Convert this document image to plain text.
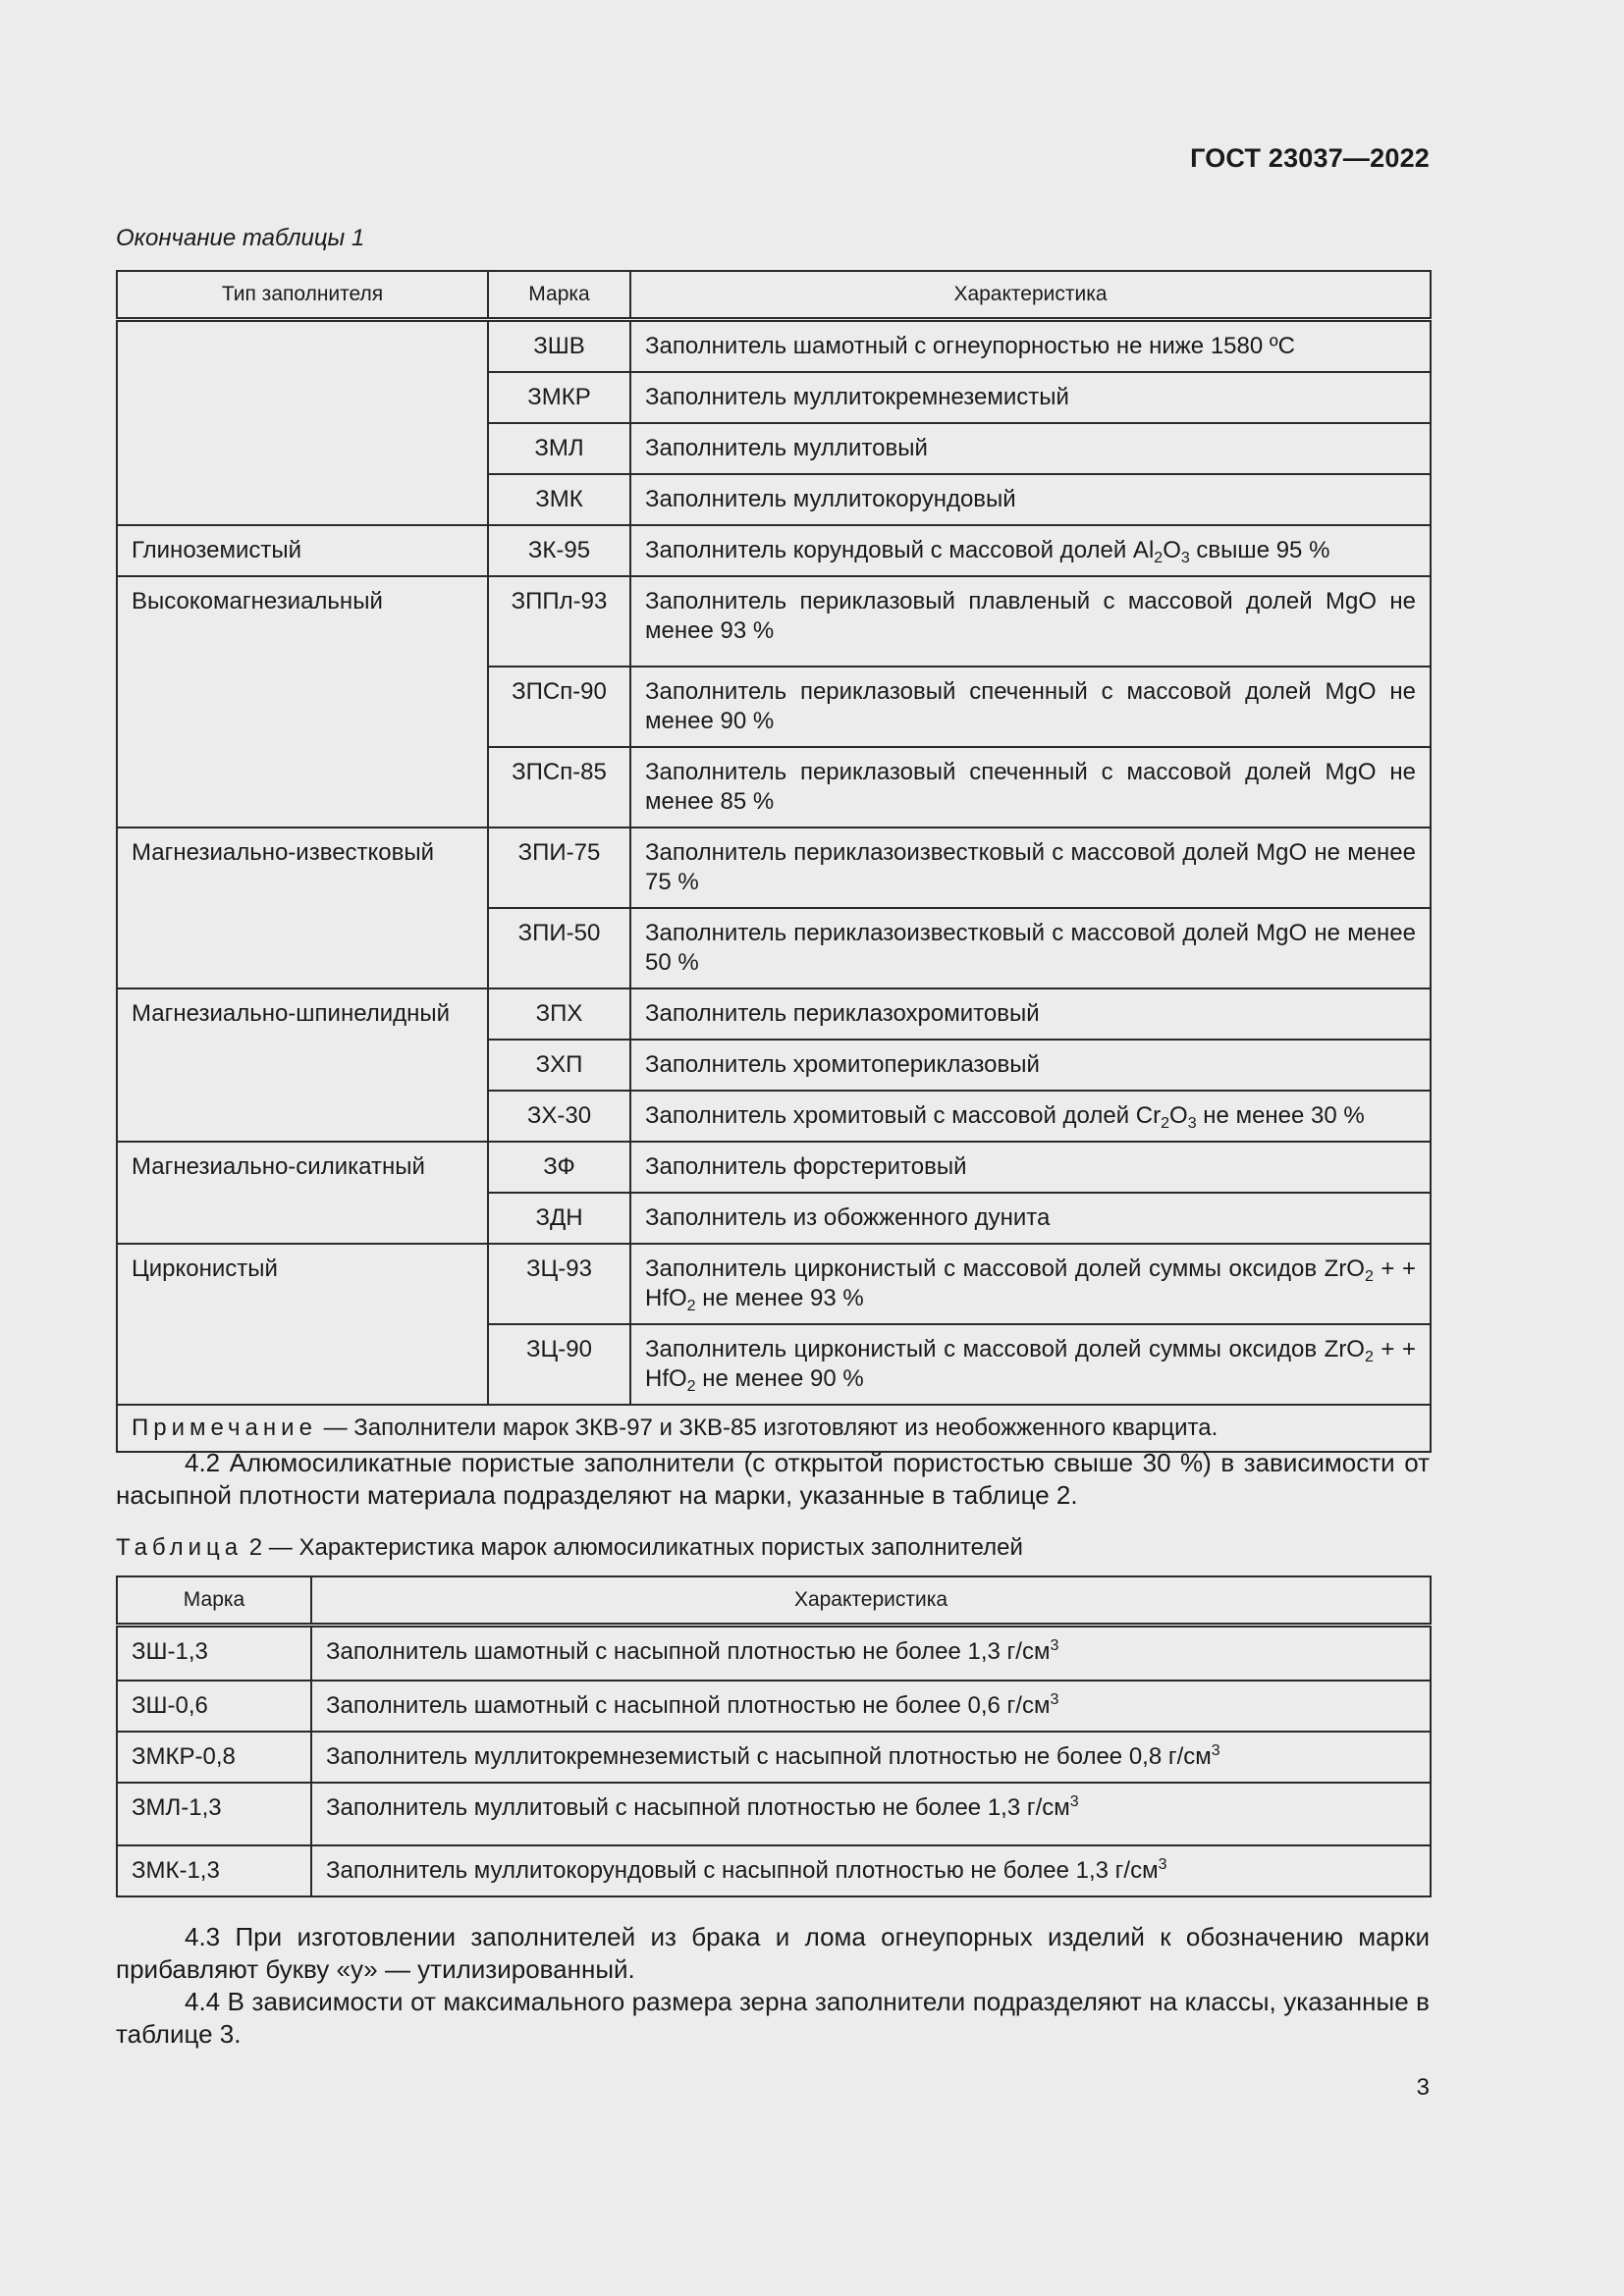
ГОСТ 23037—2022
Окончание таблицы 1
Тип заполнителя	Марка	Характеристика
	ЗШВ	Заполнитель шамотный с огнеупорностью не ниже 1580 ºС
	ЗМКР	Заполнитель муллитокремнеземистый
	ЗМЛ	Заполнитель муллитовый
	ЗМК	Заполнитель муллитокорундовый
Глиноземистый	ЗК-95	Заполнитель корундовый с массовой долей $Al_2O_3$ свыше 95 %
Высокомагнезиальный	ЗППл-93	Заполнитель периклазовый плавленый с массовой долей MgO не менее 93 %
	ЗПСп-90	Заполнитель периклазовый спеченный с массовой долей MgO не менее 90 %
	ЗПСп-85	Заполнитель периклазовый спеченный с массовой долей MgO не менее 85 %
Магнезиально-известковый	ЗПИ-75	Заполнитель периклазоизвестковый с массовой долей MgO не менее 75 %
	ЗПИ-50	Заполнитель периклазоизвестковый с массовой долей MgO не менее 50 %
Магнезиально-шпинелидный	ЗПХ	Заполнитель периклазохромитовый
	ЗХП	Заполнитель хромитопериклазовый
	ЗХ-30	Заполнитель хромитовый с массовой долей $Cr_2O_3$ не менее 30 %
Магнезиально-силикатный	ЗФ	Заполнитель форстеритовый
	ЗДН	Заполнитель из обожженного дунита
Цирконистый	ЗЦ-93	Заполнитель цирконистый с массовой долей суммы оксидов ZrO$_2$ + + HfO$_2$ не менее 93 %
	ЗЦ-90	Заполнитель цирконистый с массовой долей суммы оксидов ZrO$_2$ + + HfO$_2$ не менее 90 %
Примечание — Заполнители марок ЗКВ-97 и ЗКВ-85 изготовляют из необожженного кварцита.		

4.2 Алюмосиликатные пористые заполнители (с открытой пористостью свыше 30 %) в зависимости от насыпной плотности материала подразделяют на марки, указанные в таблице 2.

Таблица 2 — Характеристика марок алюмосиликатных пористых заполнителей
Марка	Характеристика
ЗШ-1,3	Заполнитель шамотный с насыпной плотностью не более 1,3 $г/см^3$
ЗШ-0,6	Заполнитель шамотный с насыпной плотностью не более 0,6 $г/см^3$
ЗМКР-0,8	Заполнитель муллитокремнеземистый с насыпной плотностью не более 0,8 $г/см^3$
ЗМЛ-1,3	Заполнитель муллитовый с насыпной плотностью не более 1,3 $г/см^3$
ЗМК-1,3	Заполнитель муллитокорундовый с насыпной плотностью не более 1,3 $г/см^3$

4.3 При изготовлении заполнителей из брака и лома огнеупорных изделий к обозначению марки прибавляют букву «у» — утилизированный.

4.4 В зависимости от максимального размера зерна заполнители подразделяют на классы, указанные в таблице 3.

3
